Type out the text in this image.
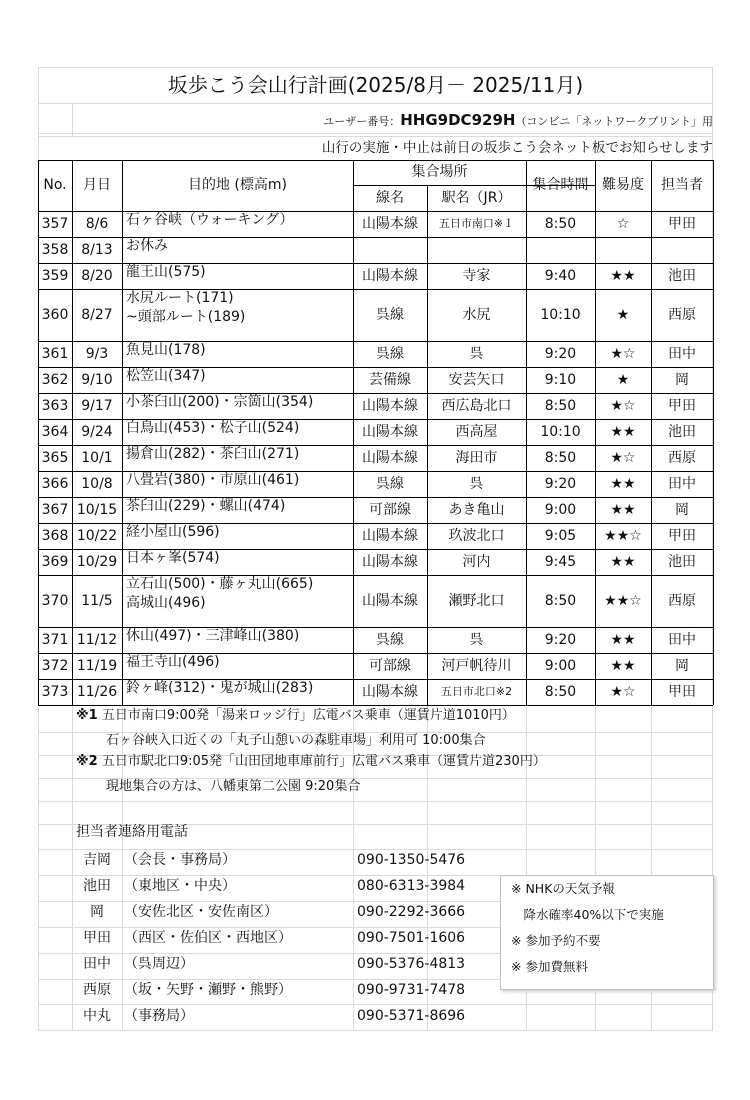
坂歩こう会山行計画(2025/8月－ 2025/11月)
ユーザー番号：HHG9DC929H（コンビニ「ネットワークプリント」用
山行の実施・中止は前日の坂歩こう会ネット板でお知らせします
No.	月日	目的地 (標高m)
集合場所
線名	駅名（JR）
集合時間 難易度	担当者
357	8/6	石ヶ谷峡（ウォーキング）	山陽本線	五日市南口※１	8:50	☆	甲田
358 8/13 お休み
359 8/20 龍王山(575)	山陽本線	寺家	9:40	★★	池田
360 8/27
水尻ルート(171)
~頭部ルート(189)	呉線	水尻	10:10	★	西原
361	9/3	魚見山(178)	呉線	呉	9:20	★☆	田中
362 9/10 松笠山(347)	芸備線	安芸矢口	9:10	★	岡
363 9/17 小茶臼山(200)・宗箇山(354)	山陽本線	西広島北口	8:50	★☆	甲田
364 9/24 白鳥山(453)・松子山(524)	山陽本線	西高屋	10:10	★★	池田
365 10/1 揚倉山(282)・茶臼山(271)	山陽本線	海田市	8:50	★☆	西原
366 10/8 八畳岩(380)・市原山(461)	呉線	呉	9:20	★★	田中
367 10/15 茶臼山(229)・螺山(474)	可部線	あき亀山	9:00	★★	岡
368 10/22 経小屋山(596)	山陽本線	玖波北口	9:05	★★☆	甲田
369 10/29 日本ヶ峯(574)	山陽本線	河内	9:45	★★	池田
370 11/5
立石山(500)・藤ヶ丸山(665)
高城山(496)	山陽本線	瀬野北口	8:50	★★☆	西原
371 11/12 休山(497)・三津峰山(380)	呉線	呉	9:20	★★	田中
372 11/19 福王寺山(496)	可部線	河戸帆待川	9:00	★★	岡
373 11/26 鈴ヶ峰(312)・鬼が城山(283)	山陽本線	五日市北口※2	8:50	★☆	甲田
※1 五日市南口9:00発「湯来ロッジ行」広電バス乗車（運賃片道1010円）
石ヶ谷峡入口近くの「丸子山憩いの森駐車場」利用可 10:00集合
※2 五日市駅北口9:05発「山田団地車庫前行」広電バス乗車（運賃片道230円）
現地集合の方は、八幡東第二公園 9:20集合
担当者連絡用電話
吉岡 （会長・事務局）	090-1350-5476
池田 （東地区・中央）	080-6313-3984
岡	（安佐北区・安佐南区）	090-2292-3666
甲田 （西区・佐伯区・西地区）	090-7501-1606
田中 （呉周辺）	090-5376-4813
西原 （坂・矢野・瀬野・熊野）	090-9731-7478
中丸 （事務局）	090-5371-8696
※ NHKの天気予報
　降水確率40%以下で実施
※ 参加予約不要
※ 参加費無料
